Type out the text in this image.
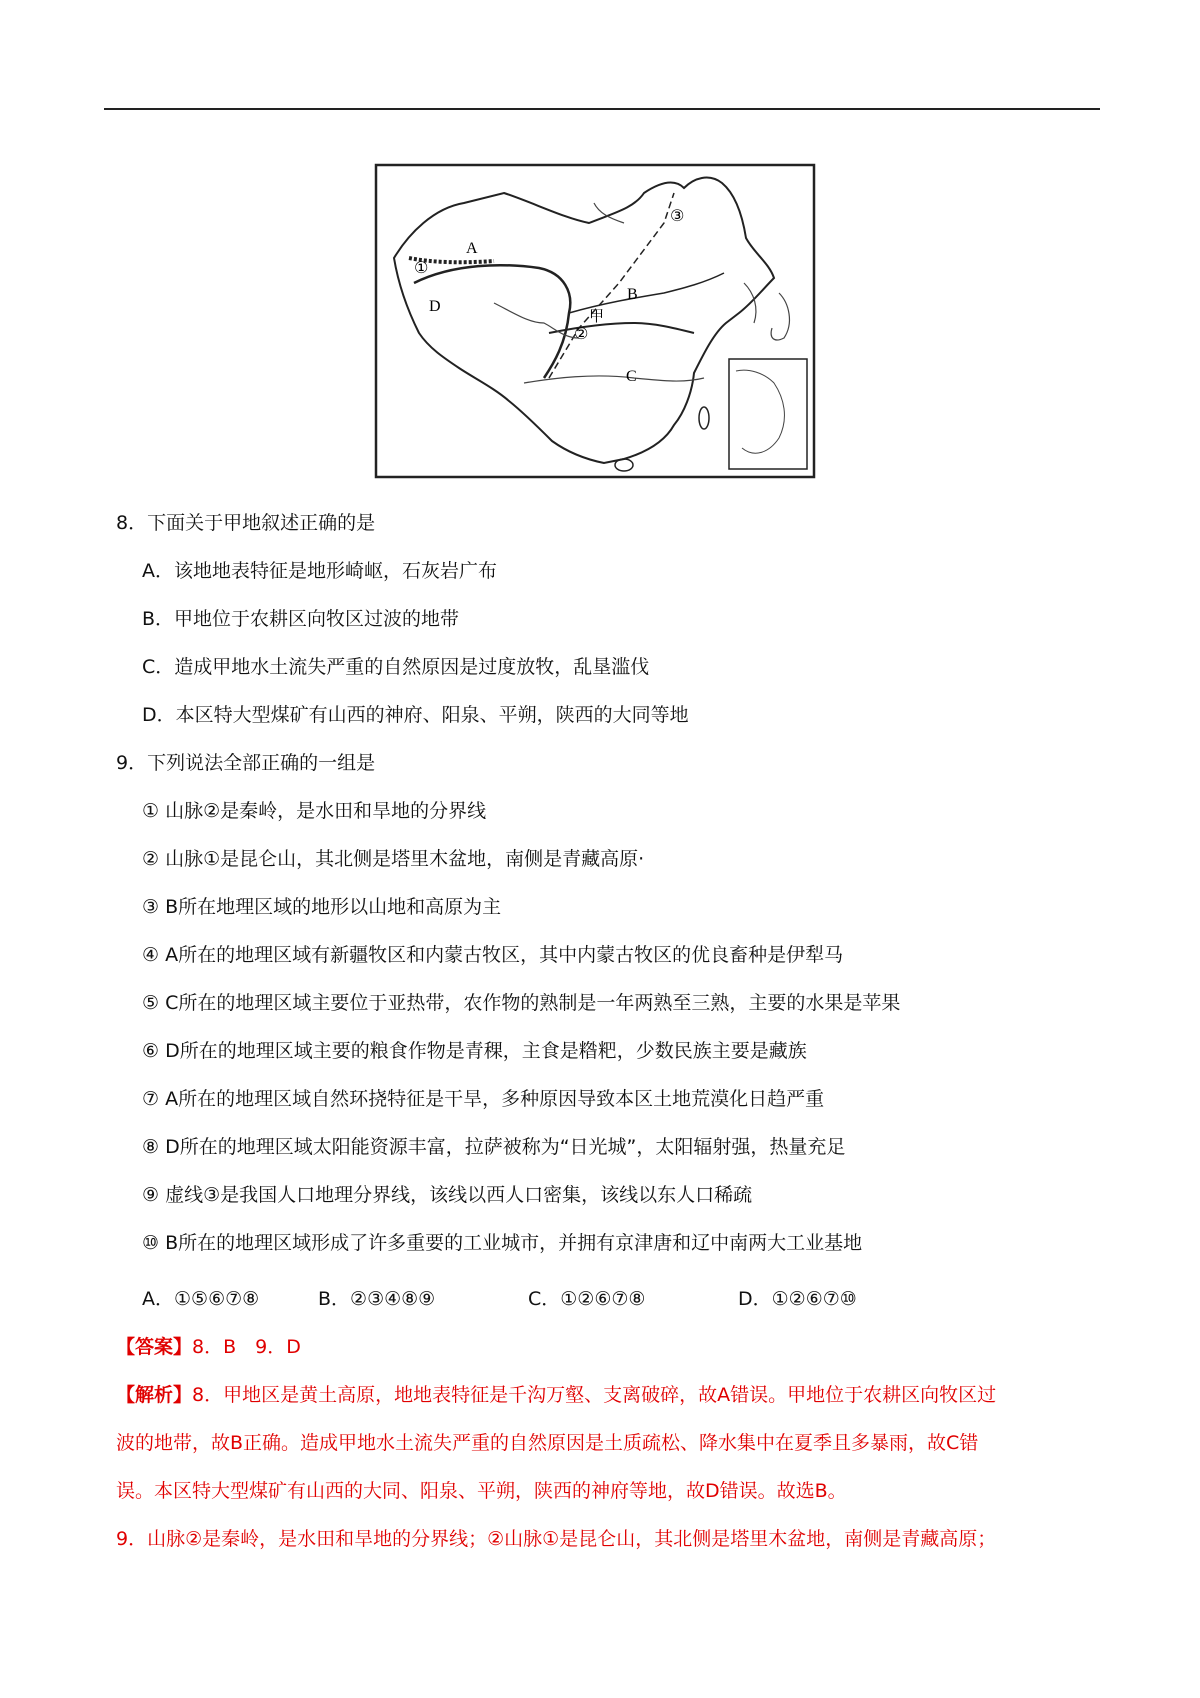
A
B
C
D
甲
①
②
③
8．下面关于甲地叙述正确的是
A．该地地表特征是地形崎岖，石灰岩广布
B．甲地位于农耕区向牧区过波的地带
C．造成甲地水土流失严重的自然原因是过度放牧，乱垦滥伐
D．本区特大型煤矿有山西的神府、阳泉、平朔，陕西的大同等地
9．下列说法全部正确的一组是
① 山脉②是秦岭，是水田和旱地的分界线
② 山脉①是昆仑山，其北侧是塔里木盆地，南侧是青藏高原·
③ B所在地理区域的地形以山地和高原为主
④ A所在的地理区域有新疆牧区和内蒙古牧区，其中内蒙古牧区的优良畜种是伊犁马
⑤ C所在的地理区域主要位于亚热带，农作物的熟制是一年两熟至三熟，主要的水果是苹果
⑥ D所在的地理区域主要的粮食作物是青稞，主食是糌粑，少数民族主要是藏族
⑦ A所在的地理区域自然环挠特征是干旱，多种原因导致本区土地荒漠化日趋严重
⑧ D所在的地理区域太阳能资源丰富，拉萨被称为“日光城”，太阳辐射强，热量充足
⑨ 虚线③是我国人口地理分界线，该线以西人口密集，该线以东人口稀疏
⑩ B所在的地理区域形成了许多重要的工业城市，并拥有京津唐和辽中南两大工业基地
A．①⑤⑥⑦⑧	B．②③④⑧⑨	C．①②⑥⑦⑧	D．①②⑥⑦⑩
【答案】8．B　9．D
【解析】8．甲地区是黄土高原，地地表特征是千沟万壑、支离破碎，故A错误。甲地位于农耕区向牧区过
波的地带，故B正确。造成甲地水土流失严重的自然原因是土质疏松、降水集中在夏季且多暴雨，故C错
误。本区特大型煤矿有山西的大同、阳泉、平朔，陕西的神府等地，故D错误。故选B。
9．山脉②是秦岭，是水田和旱地的分界线；②山脉①是昆仑山，其北侧是塔里木盆地，南侧是青藏高原；
